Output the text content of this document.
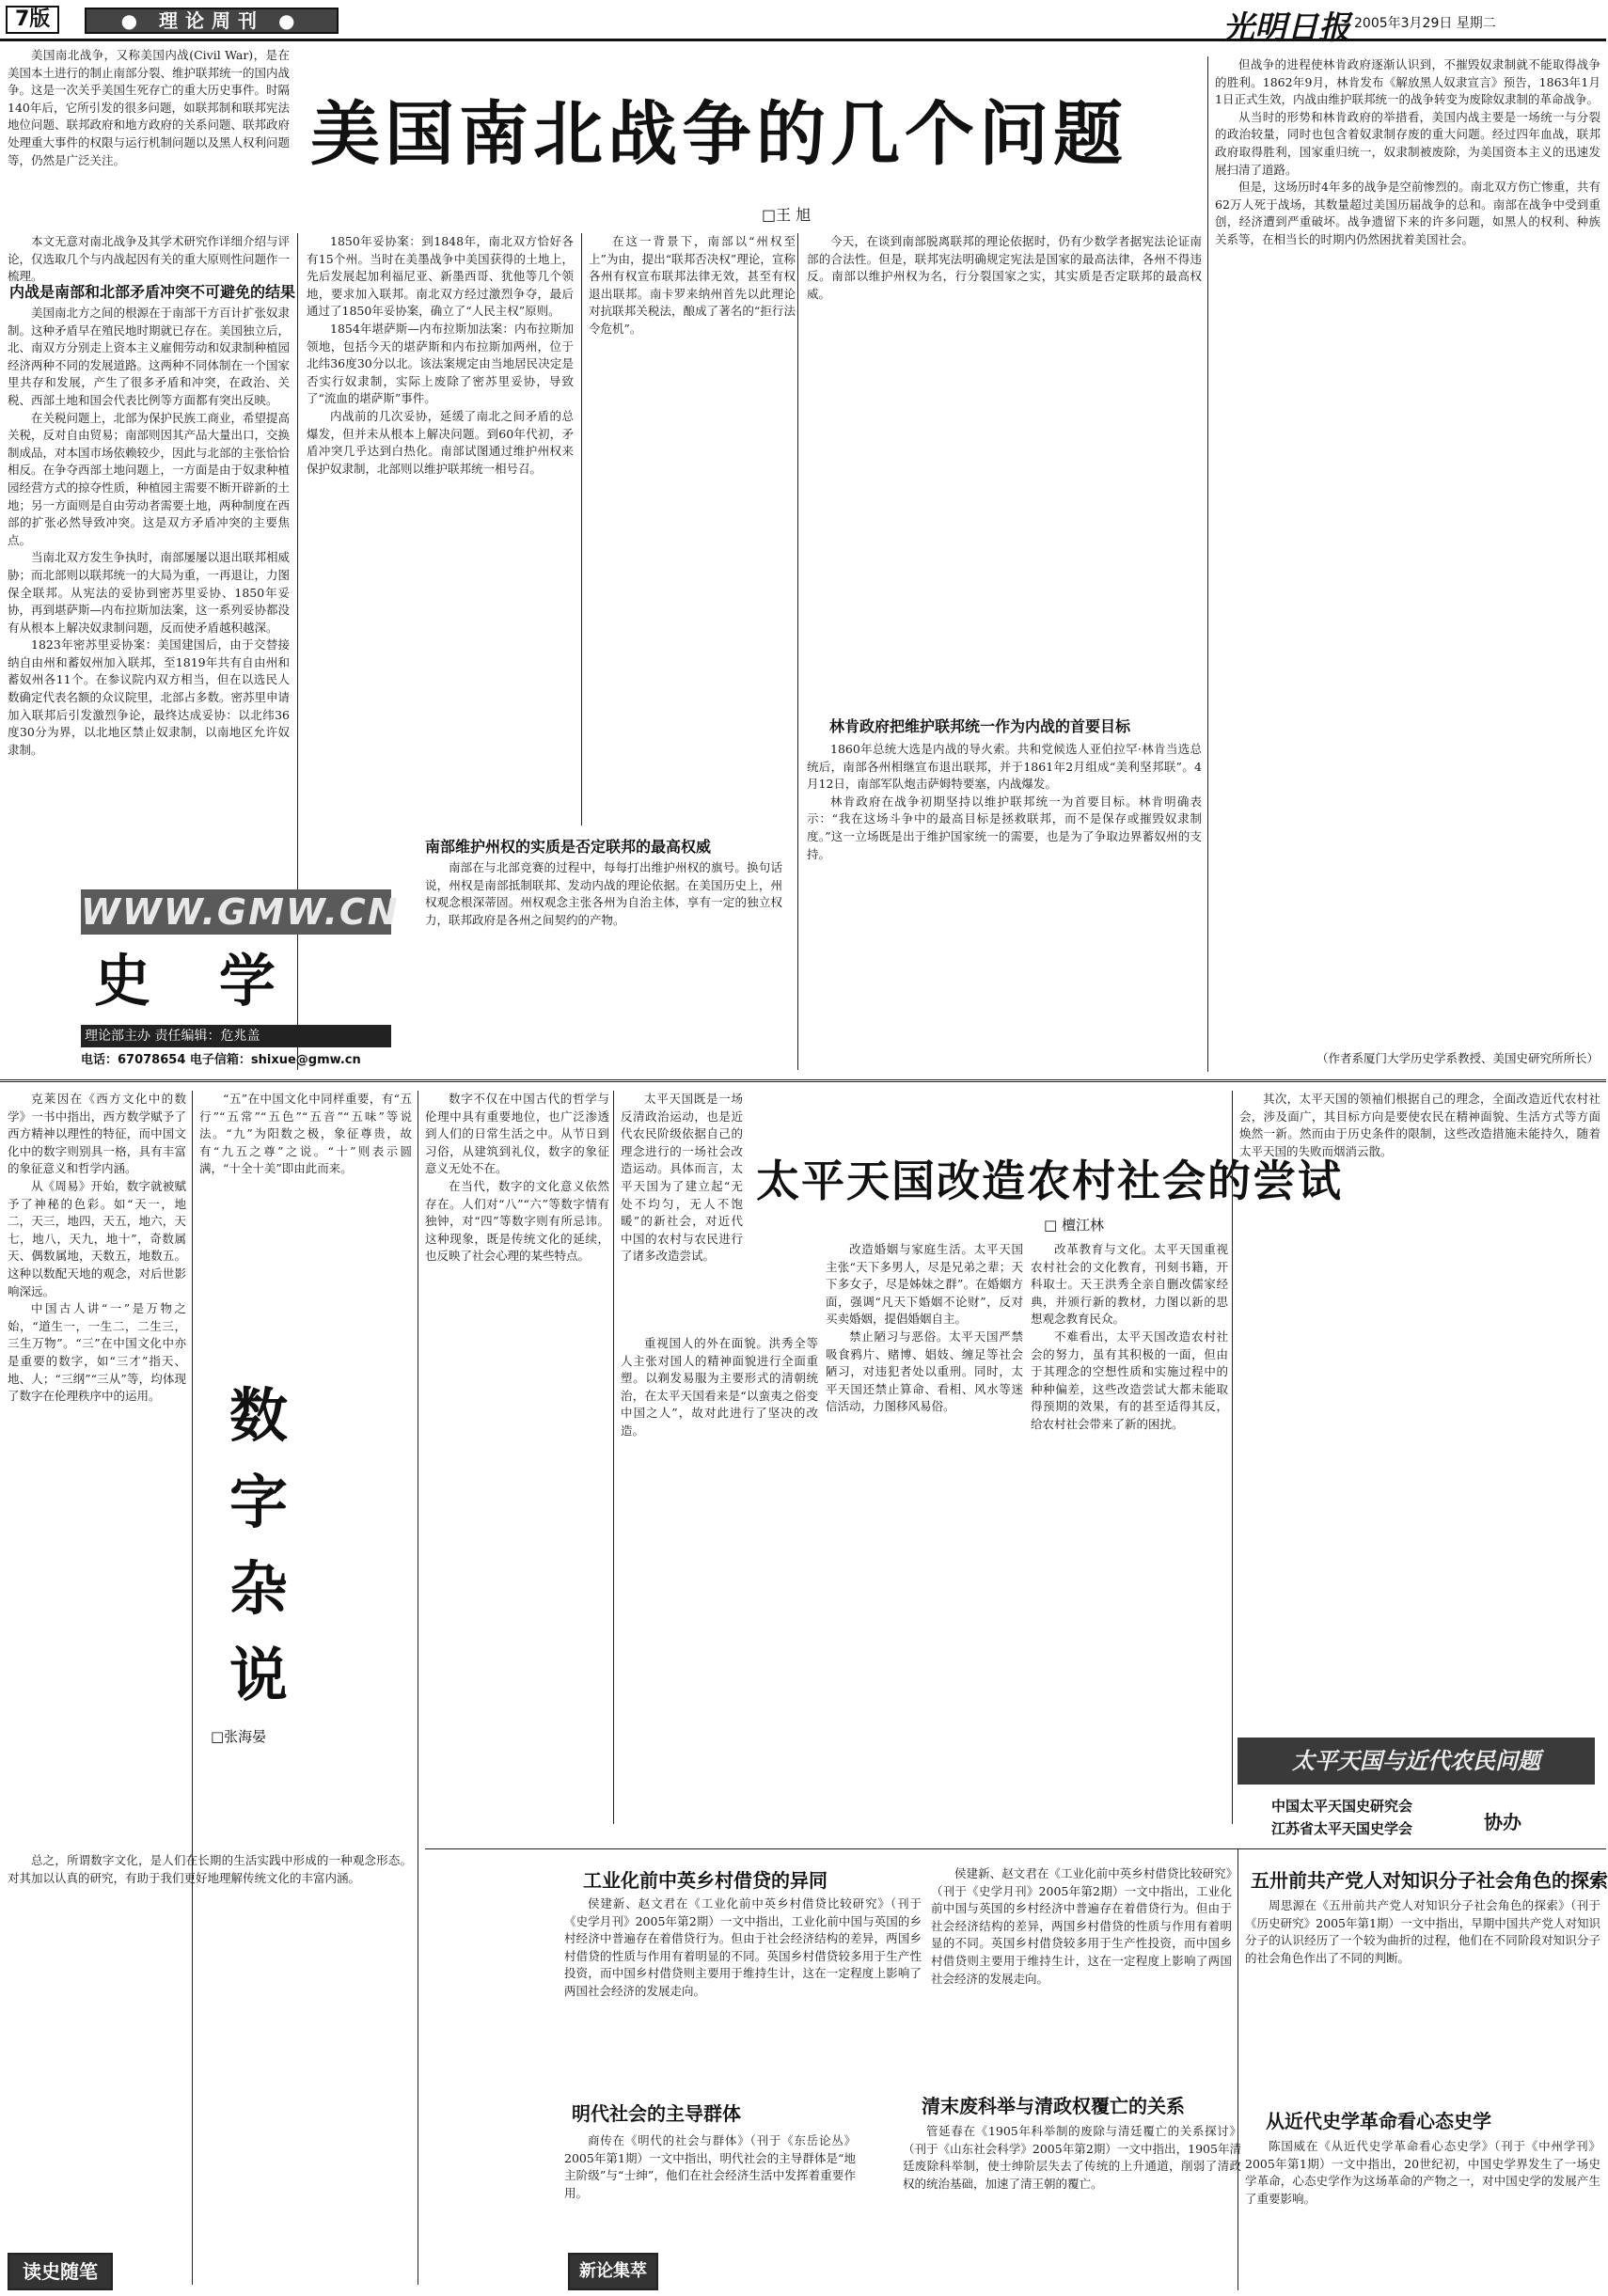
7版	● 理论周刊 ●	光明日报 2005年3月29日 星期二

美国南北战争，又称美国内战(Civil War)，是在美国本土进行的制止南部分裂、维护联邦统一的国内战争。这是一次关乎美国生死存亡的重大历史事件。时隔140年后，它所引发的很多问题，如联邦制和联邦宪法地位问题、联邦政府和地方政府的关系问题、联邦政府处理重大事件的权限与运行机制问题以及黑人权利问题等，仍然是广泛关注。

本文无意对南北战争及其学术研究作详细介绍与评论，仅选取几个与内战起因有关的重大原则性问题作一梳理。

美国南北战争的几个问题
□王 旭
内战是南部和北部矛盾冲突不可避免的结果

美国南北方之间的根源在于南部干方百计扩张奴隶制。这种矛盾早在殖民地时期就已存在。美国独立后，北、南双方分别走上资本主义雇佣劳动和奴隶制种植园经济两种不同的发展道路。这两种不同体制在一个国家里共存和发展，产生了很多矛盾和冲突，在政治、关税、西部土地和国会代表比例等方面都有突出反映。

在关税问题上，北部为保护民族工商业，希望提高关税，反对自由贸易；南部则因其产品大量出口，交换制成品，对本国市场依赖较少，因此与北部的主张恰恰相反。在争夺西部土地问题上，一方面是由于奴隶种植园经营方式的掠夺性质，种植园主需要不断开辟新的土地；另一方面则是自由劳动者需要土地，两种制度在西部的扩张必然导致冲突。这是双方矛盾冲突的主要焦点。

当南北双方发生争执时，南部屡屡以退出联邦相威胁；而北部则以联邦统一的大局为重，一再退让，力图保全联邦。从宪法的妥协到密苏里妥协、1850年妥协，再到堪萨斯—内布拉斯加法案，这一系列妥协都没有从根本上解决奴隶制问题，反而使矛盾越积越深。

1823年密苏里妥协案：美国建国后，由于交替接纳自由州和蓄奴州加入联邦，至1819年共有自由州和蓄奴州各11个。在参议院内双方相当，但在以选民人数确定代表名额的众议院里，北部占多数。密苏里申请加入联邦后引发激烈争论，最终达成妥协：以北纬36度30分为界，以北地区禁止奴隶制，以南地区允许奴隶制。

1850年妥协案：到1848年，南北双方恰好各有15个州。当时在美墨战争中美国获得的土地上，先后发展起加利福尼亚、新墨西哥、犹他等几个领地，要求加入联邦。南北双方经过激烈争夺，最后通过了1850年妥协案，确立了“人民主权”原则。

1854年堪萨斯—内布拉斯加法案：内布拉斯加领地，包括今天的堪萨斯和内布拉斯加两州，位于北纬36度30分以北。该法案规定由当地居民决定是否实行奴隶制，实际上废除了密苏里妥协，导致了“流血的堪萨斯”事件。

内战前的几次妥协，延缓了南北之间矛盾的总爆发，但并未从根本上解决问题。到60年代初，矛盾冲突几乎达到白热化。南部试图通过维护州权来保护奴隶制，北部则以维护联邦统一相号召。

南部维护州权的实质是否定联邦的最高权威

南部在与北部竞赛的过程中，每每打出维护州权的旗号。换句话说，州权是南部抵制联邦、发动内战的理论依据。在美国历史上，州权观念根深蒂固。州权观念主张各州为自治主体，享有一定的独立权力，联邦政府是各州之间契约的产物。

在这一背景下，南部以“州权至上”为由，提出“联邦否决权”理论，宣称各州有权宣布联邦法律无效，甚至有权退出联邦。南卡罗来纳州首先以此理论对抗联邦关税法，酿成了著名的“拒行法令危机”。

今天，在谈到南部脱离联邦的理论依据时，仍有少数学者据宪法论证南部的合法性。但是，联邦宪法明确规定宪法是国家的最高法律，各州不得违反。南部以维护州权为名，行分裂国家之实，其实质是否定联邦的最高权威。

林肯政府把维护联邦统一作为内战的首要目标

1860年总统大选是内战的导火索。共和党候选人亚伯拉罕·林肯当选总统后，南部各州相继宣布退出联邦，并于1861年2月组成“美利坚邦联”。4月12日，南部军队炮击萨姆特要塞，内战爆发。

林肯政府在战争初期坚持以维护联邦统一为首要目标。林肯明确表示：“我在这场斗争中的最高目标是拯救联邦，而不是保存或摧毁奴隶制度。”这一立场既是出于维护国家统一的需要，也是为了争取边界蓄奴州的支持。

但战争的进程使林肯政府逐渐认识到，不摧毁奴隶制就不能取得战争的胜利。1862年9月，林肯发布《解放黑人奴隶宣言》预告，1863年1月1日正式生效，内战由维护联邦统一的战争转变为废除奴隶制的革命战争。

从当时的形势和林肯政府的举措看，美国内战主要是一场统一与分裂的政治较量，同时也包含着奴隶制存废的重大问题。经过四年血战，联邦政府取得胜利，国家重归统一，奴隶制被废除，为美国资本主义的迅速发展扫清了道路。

但是，这场历时4年多的战争是空前惨烈的。南北双方伤亡惨重，共有62万人死于战场，其数量超过美国历届战争的总和。南部在战争中受到重创，经济遭到严重破坏。战争遗留下来的许多问题，如黑人的权利、种族关系等，在相当长的时期内仍然困扰着美国社会。

（作者系厦门大学历史学系教授、美国史研究所所长）
WWW.GMW.CN
史 学
理论部主办 责任编辑：危兆盖
电话：67078654 电子信箱：shixue@gmw.cn

克莱因在《西方文化中的数学》一书中指出，西方数学赋予了西方精神以理性的特征，而中国文化中的数字则别具一格，具有丰富的象征意义和哲学内涵。

从《周易》开始，数字就被赋予了神秘的色彩。如“天一，地二，天三，地四，天五，地六，天七，地八，天九，地十”，奇数属天、偶数属地，天数五，地数五。这种以数配天地的观念，对后世影响深远。

中国古人讲“一”是万物之始，“道生一，一生二，二生三，三生万物”。“三”在中国文化中亦是重要的数字，如“三才”指天、地、人；“三纲”“三从”等，均体现了数字在伦理秩序中的运用。

“五”在中国文化中同样重要，有“五行”“五常”“五色”“五音”“五味”等说法。“九”为阳数之极，象征尊贵，故有“九五之尊”之说。“十”则表示圆满，“十全十美”即由此而来。

数字杂说
□张海晏

数字不仅在中国古代的哲学与伦理中具有重要地位，也广泛渗透到人们的日常生活之中。从节日到习俗，从建筑到礼仪，数字的象征意义无处不在。

在当代，数字的文化意义依然存在。人们对“八”“六”等数字情有独钟，对“四”等数字则有所忌讳。这种现象，既是传统文化的延续，也反映了社会心理的某些特点。

总之，所谓数字文化，是人们在长期的生活实践中形成的一种观念形态。对其加以认真的研究，有助于我们更好地理解传统文化的丰富内涵。

太平天国既是一场反清政治运动，也是近代农民阶级依据自己的理念进行的一场社会改造运动。具体而言，太平天国为了建立起“无处不均匀，无人不饱暖”的新社会，对近代中国的农村与农民进行了诸多改造尝试。

太平天国改造农村社会的尝试
□ 檀江林

重视国人的外在面貌。洪秀全等人主张对国人的精神面貌进行全面重塑。以剃发易服为主要形式的清朝统治，在太平天国看来是“以蛮夷之俗变中国之人”，故对此进行了坚决的改造。

改造婚姻与家庭生活。太平天国主张“天下多男人，尽是兄弟之辈；天下多女子，尽是姊妹之群”。在婚姻方面，强调“凡天下婚姻不论财”，反对买卖婚姻，提倡婚姻自主。

禁止陋习与恶俗。太平天国严禁吸食鸦片、赌博、娼妓、缠足等社会陋习，对违犯者处以重刑。同时，太平天国还禁止算命、看相、风水等迷信活动，力图移风易俗。

改革教育与文化。太平天国重视农村社会的文化教育，刊刻书籍，开科取士。天王洪秀全亲自删改儒家经典，并颁行新的教材，力图以新的思想观念教育民众。

不难看出，太平天国改造农村社会的努力，虽有其积极的一面，但由于其理念的空想性质和实施过程中的种种偏差，这些改造尝试大都未能取得预期的效果，有的甚至适得其反，给农村社会带来了新的困扰。

其次，太平天国的领袖们根据自己的理念，全面改造近代农村社会，涉及面广，其目标方向是要使农民在精神面貌、生活方式等方面焕然一新。然而由于历史条件的限制，这些改造措施未能持久，随着太平天国的失败而烟消云散。

太平天国与近代农民问题
中国太平天国史研究会
江苏省太平天国史学会	协办
工业化前中英乡村借贷的异同

侯建新、赵文君在《工业化前中英乡村借贷比较研究》（刊于《史学月刊》2005年第2期）一文中指出，工业化前中国与英国的乡村经济中普遍存在着借贷行为。但由于社会经济结构的差异，两国乡村借贷的性质与作用有着明显的不同。英国乡村借贷较多用于生产性投资，而中国乡村借贷则主要用于维持生计，这在一定程度上影响了两国社会经济的发展走向。

明代社会的主导群体

商传在《明代的社会与群体》（刊于《东岳论丛》2005年第1期）一文中指出，明代社会的主导群体是“地主阶级”与“士绅”，他们在社会经济生活中发挥着重要作用。

侯建新、赵文君在《工业化前中英乡村借贷比较研究》（刊于《史学月刊》2005年第2期）一文中指出，工业化前中国与英国的乡村经济中普遍存在着借贷行为。但由于社会经济结构的差异，两国乡村借贷的性质与作用有着明显的不同。英国乡村借贷较多用于生产性投资，而中国乡村借贷则主要用于维持生计，这在一定程度上影响了两国社会经济的发展走向。

清末废科举与清政权覆亡的关系

管延春在《1905年科举制的废除与清廷覆亡的关系探讨》（刊于《山东社会科学》2005年第2期）一文中指出，1905年清廷废除科举制，使士绅阶层失去了传统的上升通道，削弱了清政权的统治基础，加速了清王朝的覆亡。

五卅前共产党人对知识分子社会角色的探索

周思源在《五卅前共产党人对知识分子社会角色的探索》（刊于《历史研究》2005年第1期）一文中指出，早期中国共产党人对知识分子的认识经历了一个较为曲折的过程，他们在不同阶段对知识分子的社会角色作出了不同的判断。

从近代史学革命看心态史学

陈国威在《从近代史学革命看心态史学》（刊于《中州学刊》2005年第1期）一文中指出，20世纪初，中国史学界发生了一场史学革命，心态史学作为这场革命的产物之一，对中国史学的发展产生了重要影响。

读史随笔	新论集萃
